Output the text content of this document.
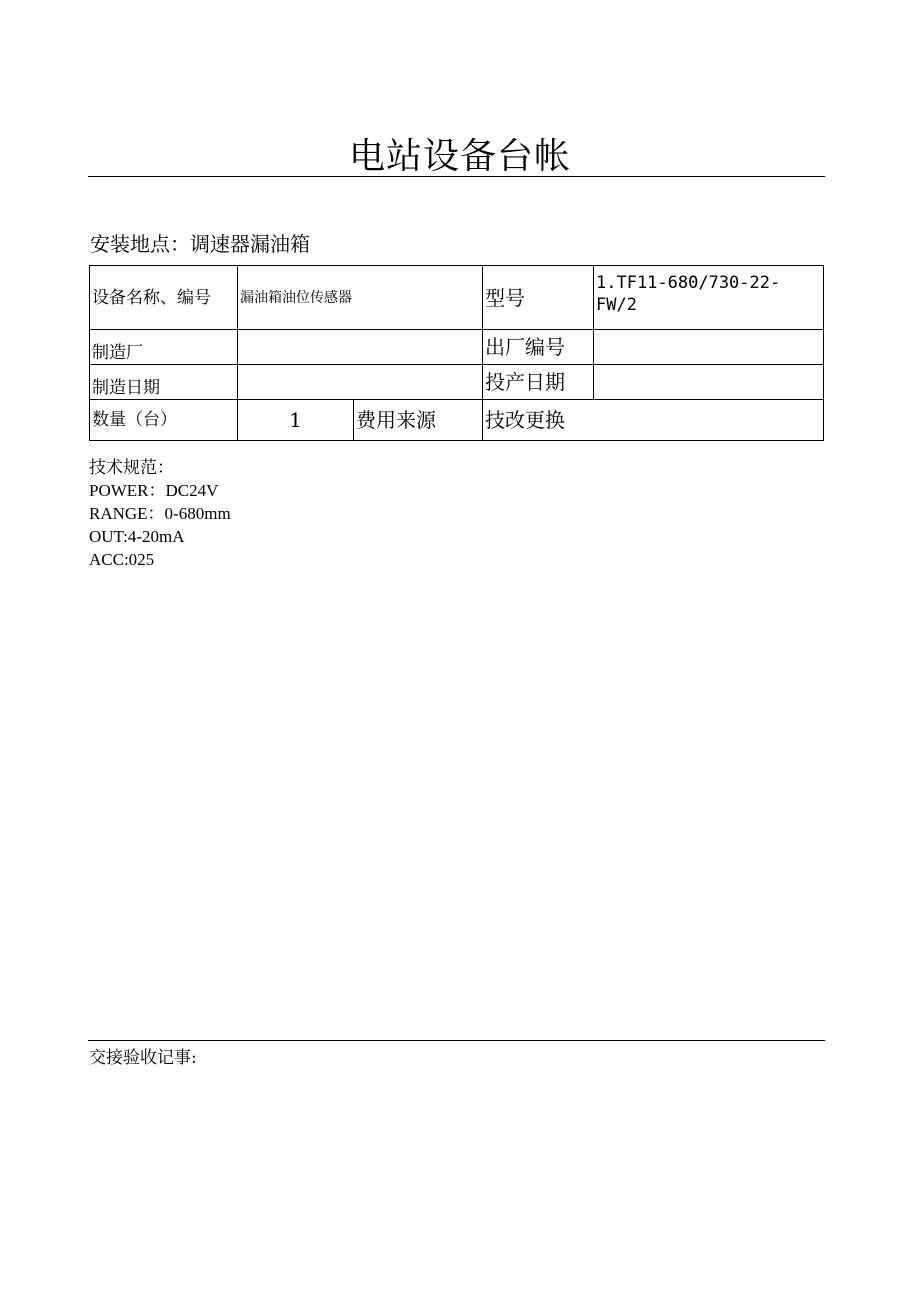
电站设备台帐
安装地点：调速器漏油箱
设备名称、编号	漏油箱油位传感器		型号	1.TF11-680/730-22-FW/2
制造厂			出厂编号	
制造日期			投产日期	
数量（台）	1	费用来源	技改更换	
技术规范：
POWER：DC24V
RANGE：0-680mm
OUT:4-20mA
ACC:025
交接验收记事:
